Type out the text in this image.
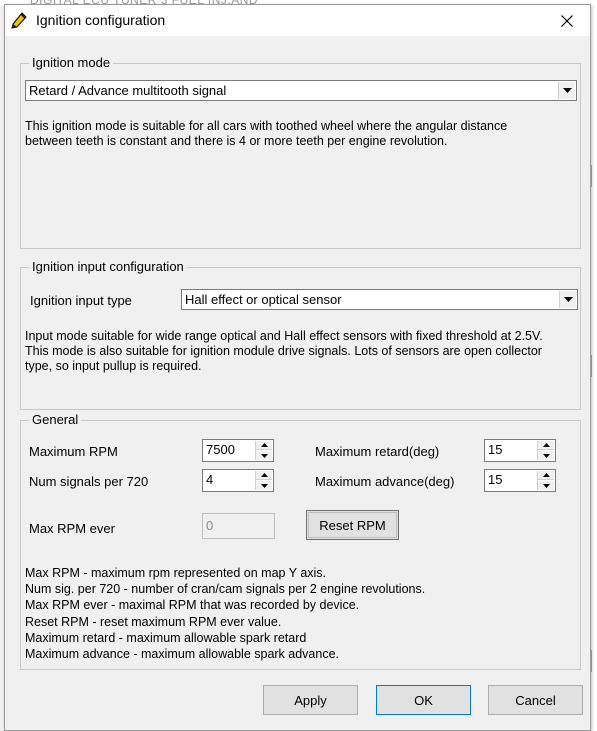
Ignition configuration
Ignition mode
Retard / Advance multitooth signal
This ignition mode is suitable for all cars with toothed wheel where the angular distance
between teeth is constant and there is 4 or more teeth per engine revolution.
Ignition input configuration
Ignition input type	Hall effect or optical sensor
Input mode suitable for wide range optical and Hall effect sensors with fixed threshold at 2.5V.
This mode is also suitable for ignition module drive signals. Lots of sensors are open collector
type, so input pullup is required.
General
Maximum RPM	7500	Maximum retard(deg)	15
Num signals per 720	4	Maximum advance(deg)	15
Max RPM ever	0	Reset RPM
Max RPM - maximum rpm represented on map Y axis.
Num sig. per 720 - number of cran/cam signals per 2 engine revolutions.
Max RPM ever - maximal RPM that was recorded by device.
Reset RPM - reset maximum RPM ever value.
Maximum retard - maximum allowable spark retard
Maximum advance - maximum allowable spark advance.
Apply	OK	Cancel
